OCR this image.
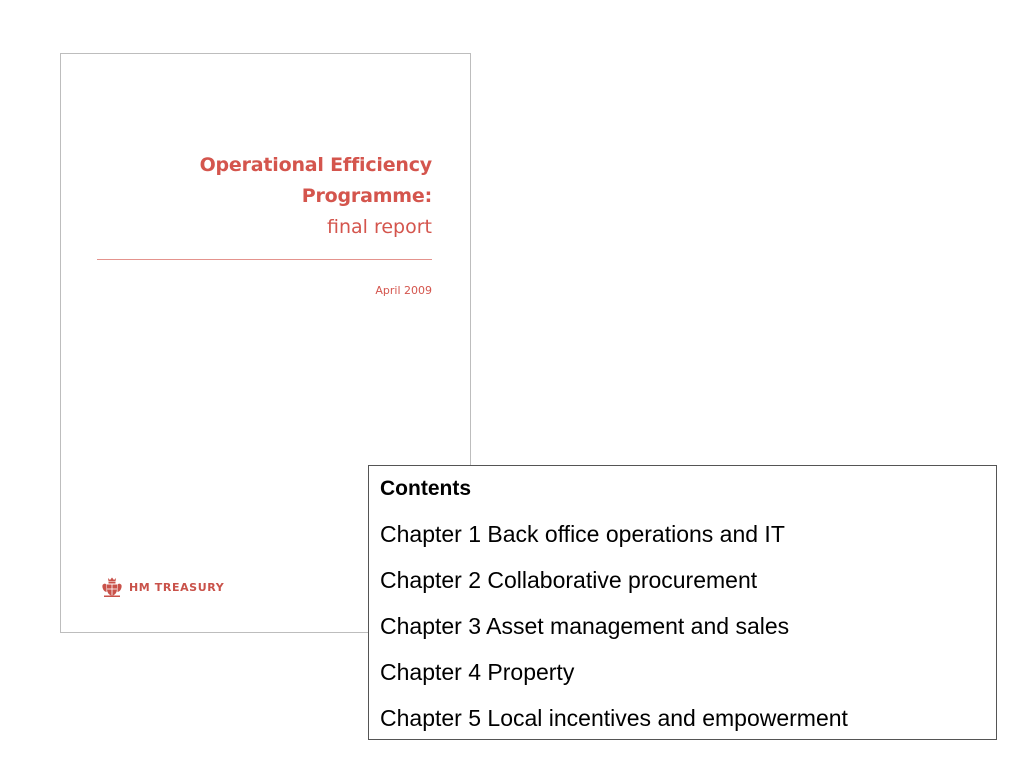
Operational Efficiency
Programme:
final report
April 2009
HM TREASURY
Contents
Chapter 1 Back office operations and IT
Chapter 2 Collaborative procurement
Chapter 3 Asset management and sales
Chapter 4 Property
Chapter 5 Local incentives and empowerment
